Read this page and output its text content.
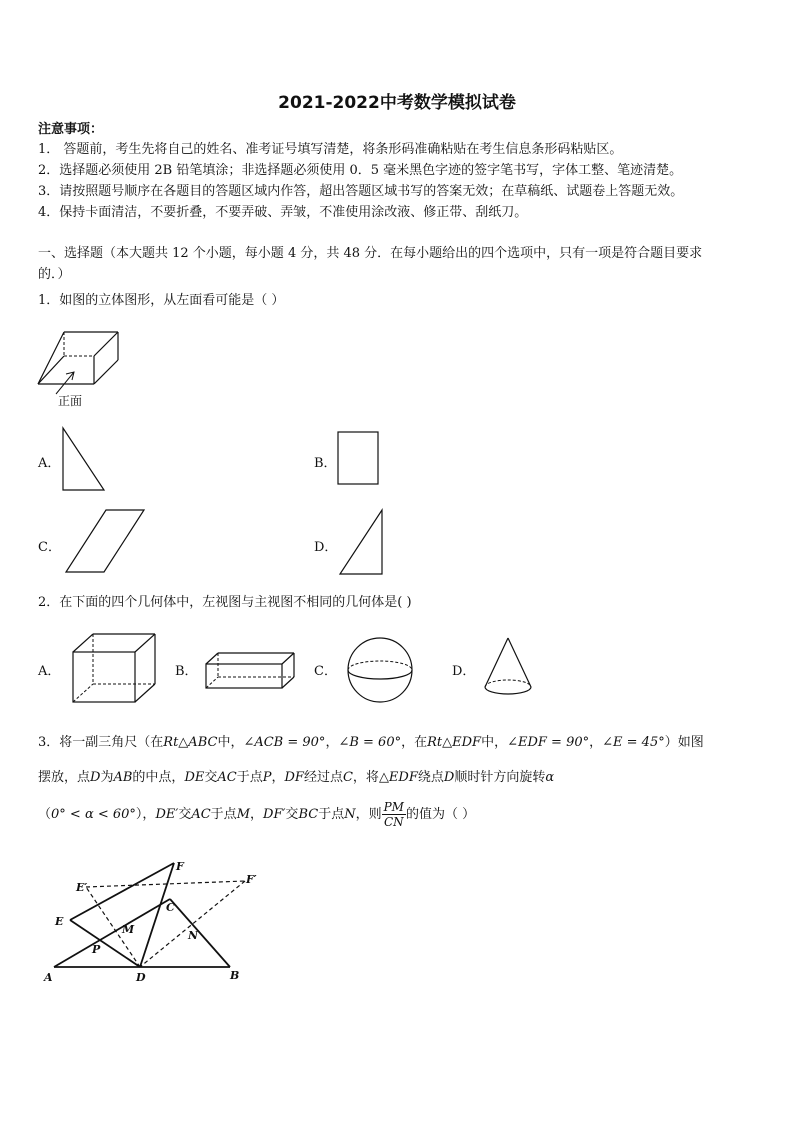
2021-2022中考数学模拟试卷
注意事项：
1． 答题前，考生先将自己的姓名、准考证号填写清楚，将条形码准确粘贴在考生信息条形码粘贴区。
2．选择题必须使用 2B 铅笔填涂；非选择题必须使用 0．5 毫米黑色字迹的签字笔书写，字体工整、笔迹清楚。
3．请按照题号顺序在各题目的答题区域内作答，超出答题区域书写的答案无效；在草稿纸、试题卷上答题无效。
4．保持卡面清洁，不要折叠，不要弄破、弄皱，不准使用涂改液、修正带、刮纸刀。
一、选择题（本大题共 12 个小题，每小题 4 分，共 48 分．在每小题给出的四个选项中，只有一项是符合题目要求
的．）
1．如图的立体图形，从左面看可能是（ ）
正面
A．	B．
C．	D．
2．在下面的四个几何体中，左视图与主视图不相同的几何体是( )
A．	B．	C．	D．
3．将一副三角尺（在Rt△ABC中，∠ACB = 90°，∠B = 60°，在Rt△EDF中，∠EDF = 90°，∠E = 45°）如图
摆放，点D为AB的中点，DE交AC于点P，DF经过点C，将△EDF绕点D顺时针方向旋转α
（0° < α < 60°），DE′交AC于点M，DF′交BC于点N，则 $\frac{PM}{CN}$ 的值为（ ）
A	B
C
D
E
F
E′
F′
M	N
P
